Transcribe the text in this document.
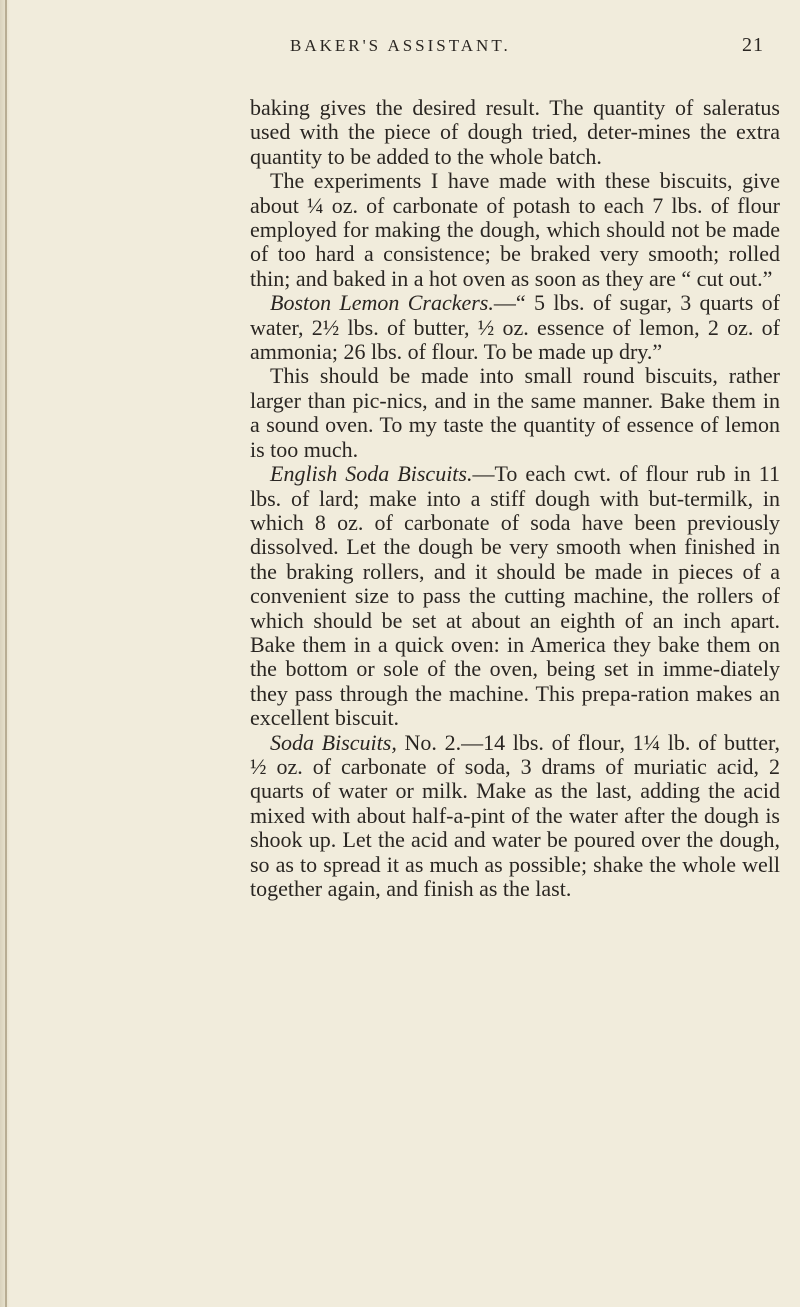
BAKER'S ASSISTANT.	21

baking gives the desired result. The quantity of saleratus used with the piece of dough tried, deter-mines the extra quantity to be added to the whole batch.

The experiments I have made with these biscuits, give about ¼ oz. of carbonate of potash to each 7 lbs. of flour employed for making the dough, which should not be made of too hard a consistence; be braked very smooth; rolled thin; and baked in a hot oven as soon as they are “ cut out.”

Boston Lemon Crackers.—“ 5 lbs. of sugar, 3 quarts of water, 2½ lbs. of butter, ½ oz. essence of lemon, 2 oz. of ammonia; 26 lbs. of flour. To be made up dry.”

This should be made into small round biscuits, rather larger than pic-nics, and in the same manner. Bake them in a sound oven. To my taste the quantity of essence of lemon is too much.

English Soda Biscuits.—To each cwt. of flour rub in 11 lbs. of lard; make into a stiff dough with but-termilk, in which 8 oz. of carbonate of soda have been previously dissolved. Let the dough be very smooth when finished in the braking rollers, and it should be made in pieces of a convenient size to pass the cutting machine, the rollers of which should be set at about an eighth of an inch apart. Bake them in a quick oven: in America they bake them on the bottom or sole of the oven, being set in imme-diately they pass through the machine. This prepa-ration makes an excellent biscuit.

Soda Biscuits, No. 2.—14 lbs. of flour, 1¼ lb. of butter, ½ oz. of carbonate of soda, 3 drams of muriatic acid, 2 quarts of water or milk. Make as the last, adding the acid mixed with about half-a-pint of the water after the dough is shook up. Let the acid and water be poured over the dough, so as to spread it as much as possible; shake the whole well together again, and finish as the last.
